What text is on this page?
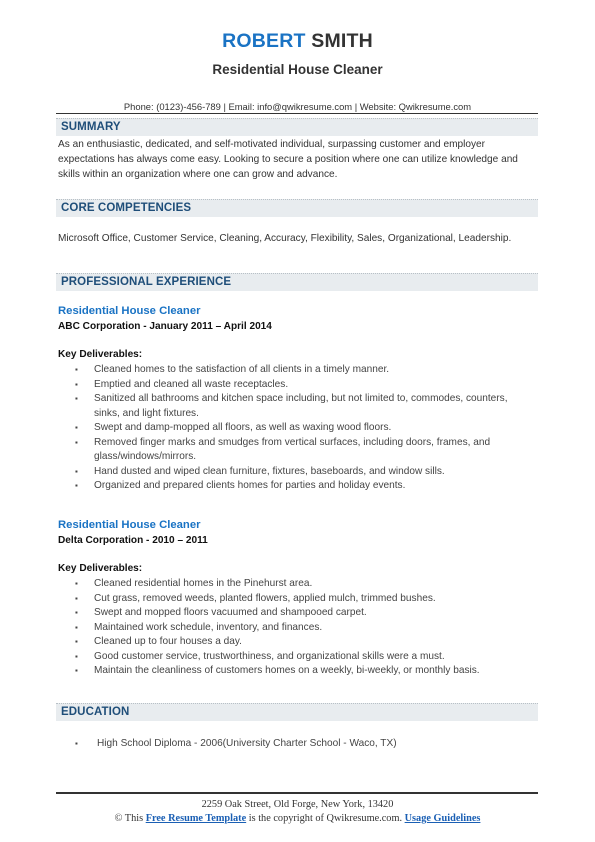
ROBERT SMITH
Residential House Cleaner
Phone: (0123)-456-789 | Email: info@qwikresume.com | Website: Qwikresume.com
SUMMARY
As an enthusiastic, dedicated, and self-motivated individual, surpassing customer and employer expectations has always come easy. Looking to secure a position where one can utilize knowledge and skills within an organization where one can grow and advance.
CORE COMPETENCIES
Microsoft Office, Customer Service, Cleaning, Accuracy, Flexibility, Sales, Organizational, Leadership.
PROFESSIONAL EXPERIENCE
Residential House Cleaner
ABC Corporation - January 2011 – April 2014
Key Deliverables:
▪ Cleaned homes to the satisfaction of all clients in a timely manner.
▪ Emptied and cleaned all waste receptacles.
▪ Sanitized all bathrooms and kitchen space including, but not limited to, commodes, counters, sinks, and light fixtures.
▪ Swept and damp-mopped all floors, as well as waxing wood floors.
▪ Removed finger marks and smudges from vertical surfaces, including doors, frames, and glass/windows/mirrors.
▪ Hand dusted and wiped clean furniture, fixtures, baseboards, and window sills.
▪ Organized and prepared clients homes for parties and holiday events.
Residential House Cleaner
Delta Corporation - 2010 – 2011
Key Deliverables:
▪ Cleaned residential homes in the Pinehurst area.
▪ Cut grass, removed weeds, planted flowers, applied mulch, trimmed bushes.
▪ Swept and mopped floors vacuumed and shampooed carpet.
▪ Maintained work schedule, inventory, and finances.
▪ Cleaned up to four houses a day.
▪ Good customer service, trustworthiness, and organizational skills were a must.
▪ Maintain the cleanliness of customers homes on a weekly, bi-weekly, or monthly basis.
EDUCATION
▪ High School Diploma - 2006(University Charter School - Waco, TX)
2259 Oak Street, Old Forge, New York, 13420
© This Free Resume Template is the copyright of Qwikresume.com. Usage Guidelines
